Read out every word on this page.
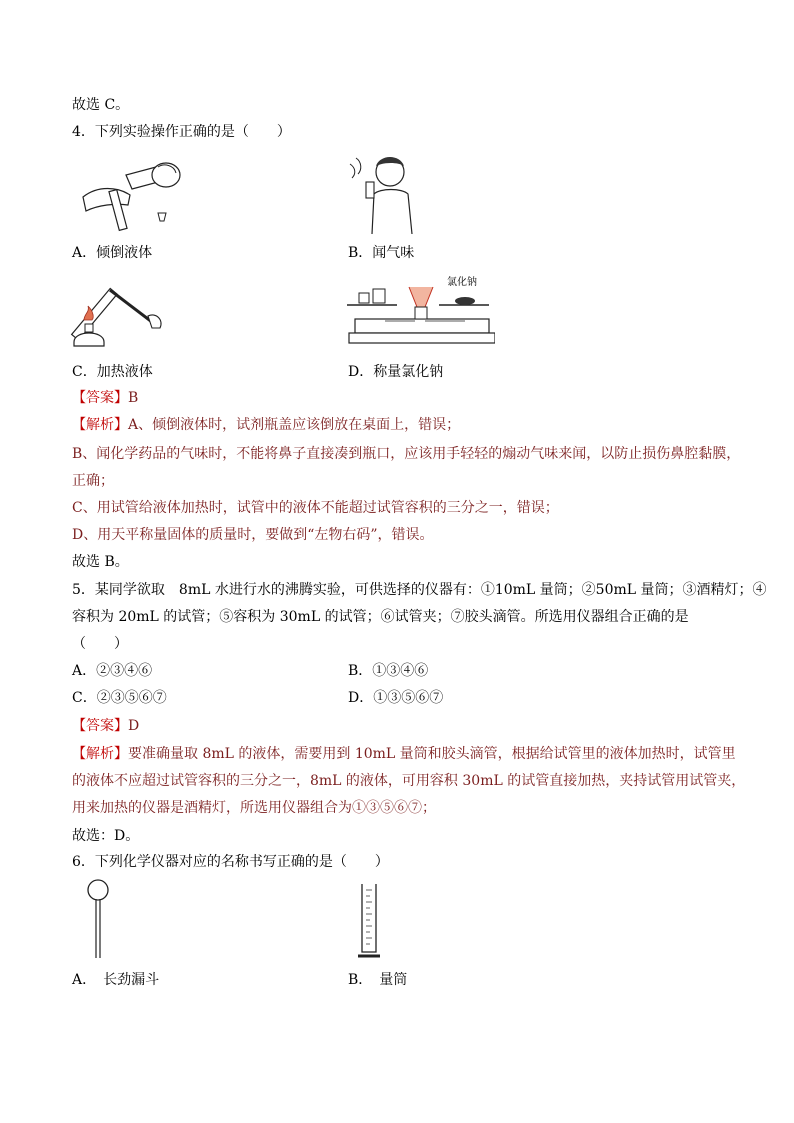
故选 C。
4．下列实验操作正确的是（　　）
A．倾倒液体	B．闻气味
氯化钠
C．加热液体	D．称量氯化钠
【答案】B
【解析】A、倾倒液体时，试剂瓶盖应该倒放在桌面上，错误；
B、闻化学药品的气味时，不能将鼻子直接凑到瓶口，应该用手轻轻的煽动气味来闻，以防止损伤鼻腔黏膜，
正确；
C、用试管给液体加热时，试管中的液体不能超过试管容积的三分之一，错误；
D、用天平称量固体的质量时，要做到“左物右码”，错误。
故选 B。
5．某同学欲取　8mL 水进行水的沸腾实验，可供选择的仪器有：①10mL 量筒；②50mL 量筒；③酒精灯；④
容积为 20mL 的试管；⑤容积为 30mL 的试管；⑥试管夹；⑦胶头滴管。所选用仪器组合正确的是
（　　）
A．②③④⑥	B．①③④⑥
C．②③⑤⑥⑦	D．①③⑤⑥⑦
【答案】D
【解析】要准确量取 8mL 的液体，需要用到 10mL 量筒和胶头滴管，根据给试管里的液体加热时，试管里
的液体不应超过试管容积的三分之一，8mL 的液体，可用容积 30mL 的试管直接加热，夹持试管用试管夹，
用来加热的仪器是酒精灯，所选用仪器组合为①③⑤⑥⑦；
故选：D。
6．下列化学仪器对应的名称书写正确的是（　　）
A．　长劲漏斗	B．　量筒
